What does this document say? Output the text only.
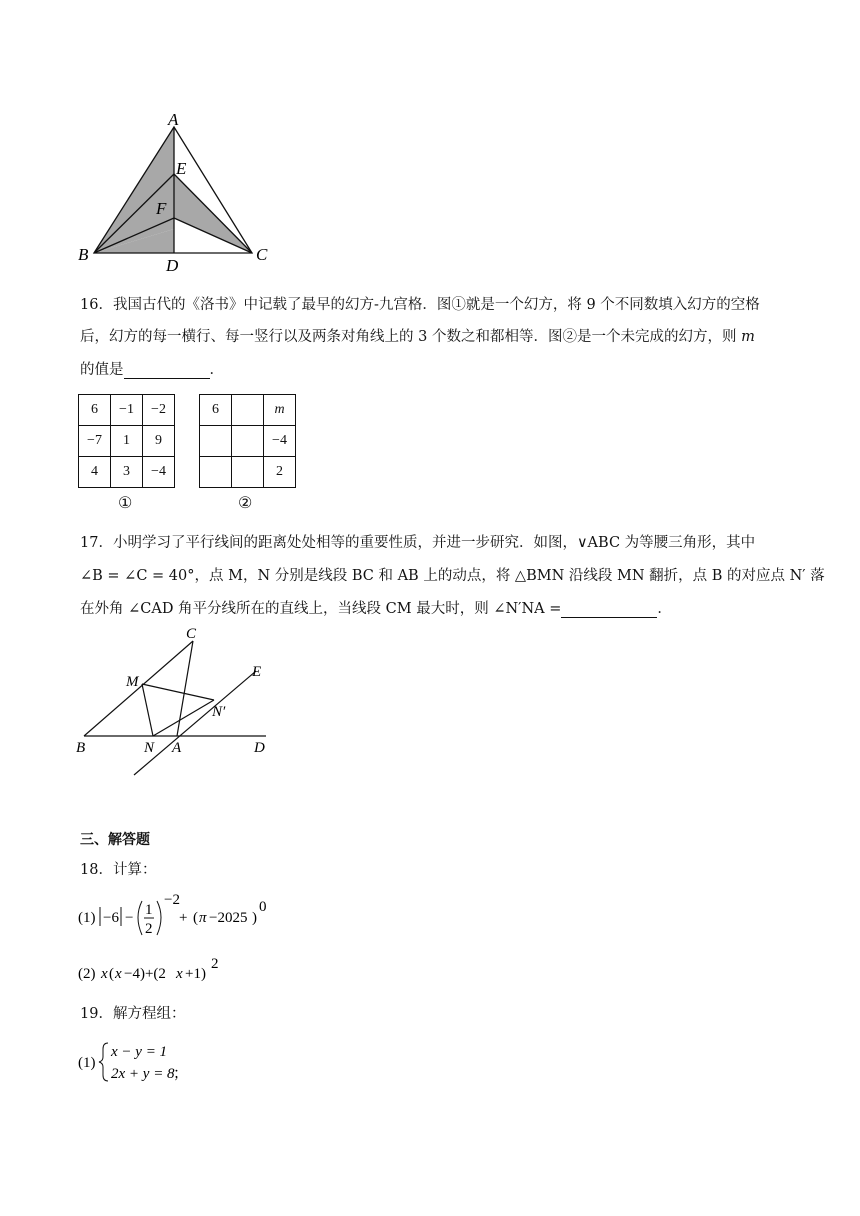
A
E
F
B	C
D
16．我国古代的《洛书》中记载了最早的幻方-九宫格．图①就是一个幻方，将 9 个不同数填入幻方的空格
后，幻方的每一横行、每一竖行以及两条对角线上的 3 个数之和都相等．图②是一个未完成的幻方，则 m
的值是	．
6	−1	−2
−7	1	9
4	3	−4
6		m
		−4
		2
①	②
17．小明学习了平行线间的距离处处相等的重要性质，并进一步研究．如图，∨ABC 为等腰三角形，其中
∠B = ∠C = 40°，点 M，N 分别是线段 BC 和 AB 上的动点，将 △BMN 沿线段 MN 翻折，点 B 的对应点 N′ 落
在外角 ∠CAD 角平分线所在的直线上，当线段 CM 最大时，则 ∠N′NA =	．
C
E
M
N′
B	N A	D
三、解答题
18．计算：
(1) −6 − 1
2
−2
+ ( π −2025 )
0
(2) x ( x −4)+(2 x +1)
2
19．解方程组：
(1)
x − y = 1
2x + y = 8
；
